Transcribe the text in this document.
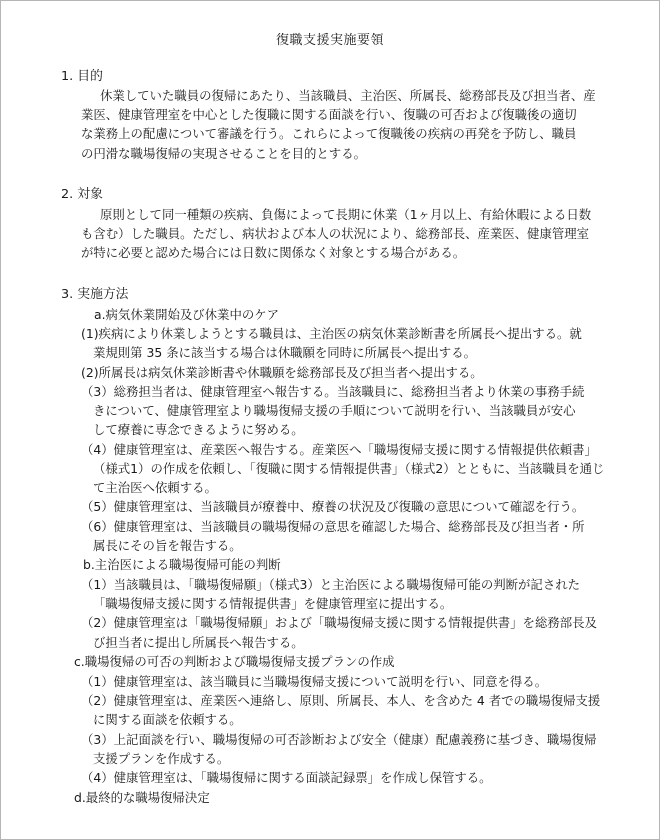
復職支援実施要領
1. 目的
休業していた職員の復帰にあたり、当該職員、主治医、所属長、総務部長及び担当者、産
業医、健康管理室を中心とした復職に関する面談を行い、復職の可否および復職後の適切
な業務上の配慮について審議を行う。これらによって復職後の疾病の再発を予防し、職員
の円滑な職場復帰の実現させることを目的とする。
2. 対象
原則として同一種類の疾病、負傷によって長期に休業（1ヶ月以上、有給休暇による日数
も含む）した職員。ただし、病状および本人の状況により、総務部長、産業医、健康管理室
が特に必要と認めた場合には日数に関係なく対象とする場合がある。
3. 実施方法
a.病気休業開始及び休業中のケア
(1)疾病により休業しようとする職員は、主治医の病気休業診断書を所属長へ提出する。就
業規則第 35 条に該当する場合は休職願を同時に所属長へ提出する。
(2)所属長は病気休業診断書や休職願を総務部長及び担当者へ提出する。
（3）総務担当者は、健康管理室へ報告する。当該職員に、総務担当者より休業の事務手続
きについて、健康管理室より職場復帰支援の手順について説明を行い、当該職員が安心
して療養に専念できるように努める。
（4）健康管理室は、産業医へ報告する。産業医へ「職場復帰支援に関する情報提供依頼書」
（様式1）の作成を依頼し、「復職に関する情報提供書」（様式2）とともに、当該職員を通じ
て主治医へ依頼する。
（5）健康管理室は、当該職員が療養中、療養の状況及び復職の意思について確認を行う。
（6）健康管理室は、当該職員の職場復帰の意思を確認した場合、総務部長及び担当者・所
属長にその旨を報告する。
b.主治医による職場復帰可能の判断
（1）当該職員は、「職場復帰願」（様式3）と主治医による職場復帰可能の判断が記された
「職場復帰支援に関する情報提供書」を健康管理室に提出する。
（2）健康管理室は「職場復帰願」および「職場復帰支援に関する情報提供書」を総務部長及
び担当者に提出し所属長へ報告する。
c.職場復帰の可否の判断および職場復帰支援プランの作成
（1）健康管理室は、該当職員に当職場復帰支援について説明を行い、同意を得る。
（2）健康管理室は、産業医へ連絡し、原則、所属長、本人、を含めた 4 者での職場復帰支援
に関する面談を依頼する。
（3）上記面談を行い、職場復帰の可否診断および安全（健康）配慮義務に基づき、職場復帰
支援プランを作成する。
（4）健康管理室は、「職場復帰に関する面談記録票」を作成し保管する。
d.最終的な職場復帰決定
